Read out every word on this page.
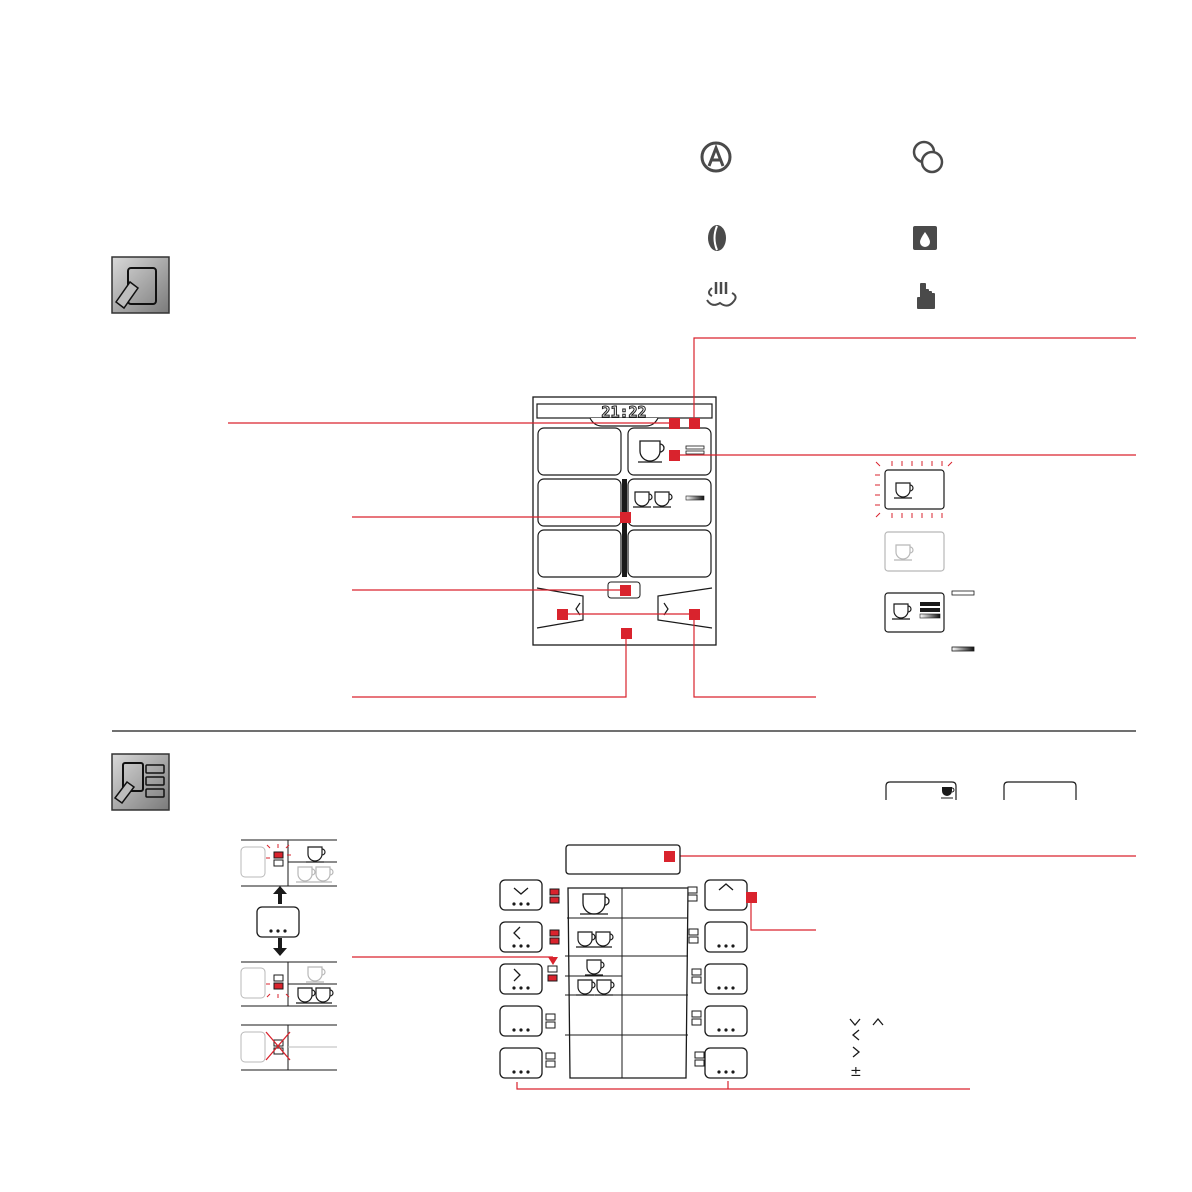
21:22
±
